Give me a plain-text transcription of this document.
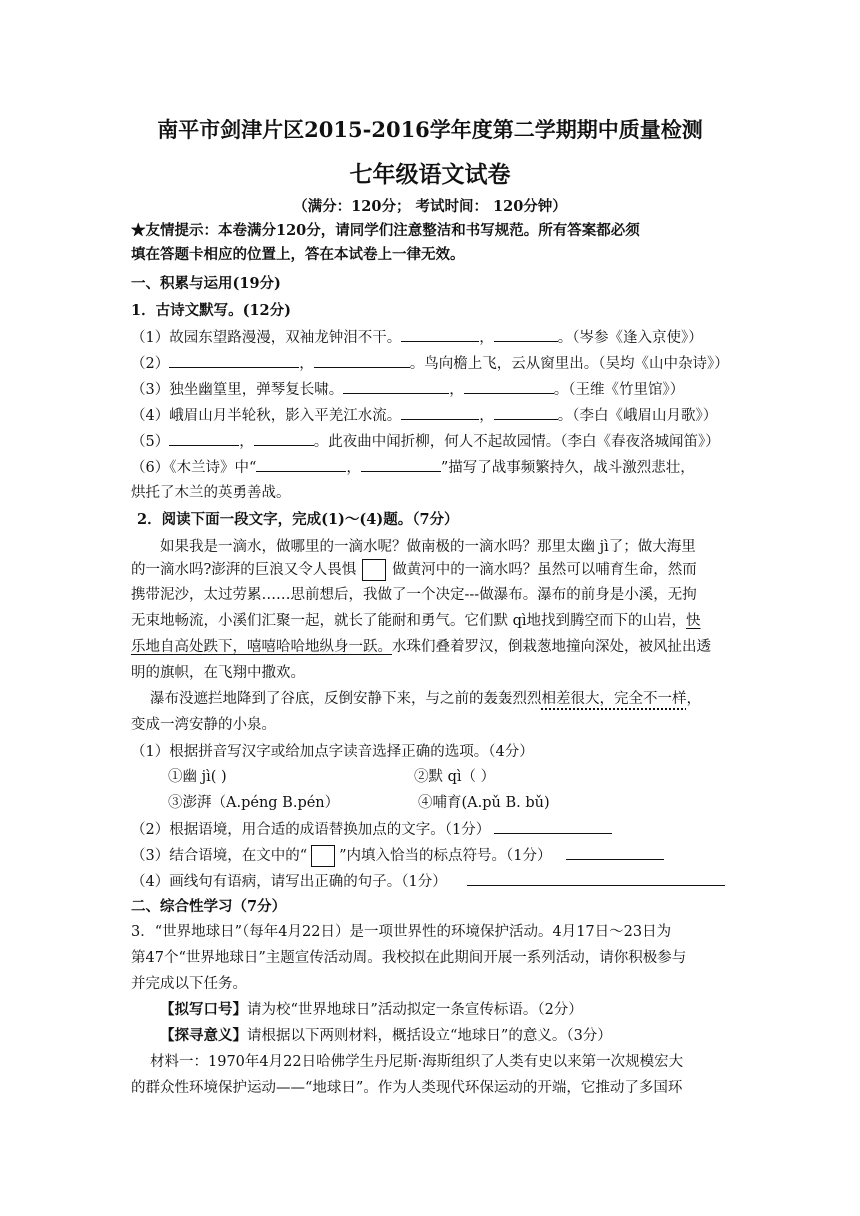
南平市剑津片区2015-2016学年度第二学期期中质量检测
七年级语文试卷
（满分：120分； 考试时间： 120分钟）
★友情提示：本卷满分120分，请同学们注意整洁和书写规范。所有答案都必须
填在答题卡相应的位置上，答在本试卷上一律无效。
一、积累与运用(19分)
1．古诗文默写。(12分)
（1）故园东望路漫漫，双袖龙钟泪不干。	，	。（岑参《逢入京使》）
（2）	，	。鸟向檐上飞，云从窗里出。（吴均《山中杂诗》）
（3）独坐幽篁里，弹琴复长啸。	，	。（王维《竹里馆》）
（4）峨眉山月半轮秋，影入平羌江水流。	，	。（李白《峨眉山月歌》）
（5）	，	。此夜曲中闻折柳，何人不起故园情。（李白《春夜洛城闻笛》）
（6）《木兰诗》中“	，	”描写了战事频繁持久，战斗激烈悲壮，
烘托了木兰的英勇善战。
2．阅读下面一段文字，完成(1)～(4)题。（7分）
如果我是一滴水，做哪里的一滴水呢？做南极的一滴水吗？那里太幽 jì了；做大海里
的一滴水吗?澎湃的巨浪又令人畏惧 做黄河中的一滴水吗？虽然可以哺育生命，然而
携带泥沙，太过劳累……思前想后，我做了一个决定---做瀑布。瀑布的前身是小溪，无拘
无束地畅流，小溪们汇聚一起，就长了能耐和勇气。它们默 qì地找到腾空而下的山岩，快
乐地自高处跌下，嘻嘻哈哈地纵身一跃。水珠们叠着罗汉，倒栽葱地撞向深处，被风扯出透
明的旗帜，在飞翔中撒欢。
瀑布没遮拦地降到了谷底，反倒安静下来，与之前的轰轰烈烈相差很大，完全不一样，
变成一湾安静的小泉。
（1）根据拼音写汉字或给加点字读音选择正确的选项。（4分）
①幽 jì( )	②默 qì（ ）
③澎湃（A.péng B.pén）	④哺育(A.pǔ B. bǔ)
（2）根据语境，用合适的成语替换加点的文字。（1分）
（3）结合语境，在文中的“ ”内填入恰当的标点符号。（1分）
（4）画线句有语病，请写出正确的句子。（1分）
二、综合性学习（7分）
3．“世界地球日”（每年4月22日）是一项世界性的环境保护活动。4月17日～23日为
第47个“世界地球日”主题宣传活动周。我校拟在此期间开展一系列活动，请你积极参与
并完成以下任务。
【拟写口号】请为校“世界地球日”活动拟定一条宣传标语。（2分）
【探寻意义】请根据以下两则材料，概括设立“地球日”的意义。（3分）
材料一：1970年4月22日哈佛学生丹尼斯·海斯组织了人类有史以来第一次规模宏大
的群众性环境保护运动——“地球日”。作为人类现代环保运动的开端，它推动了多国环
